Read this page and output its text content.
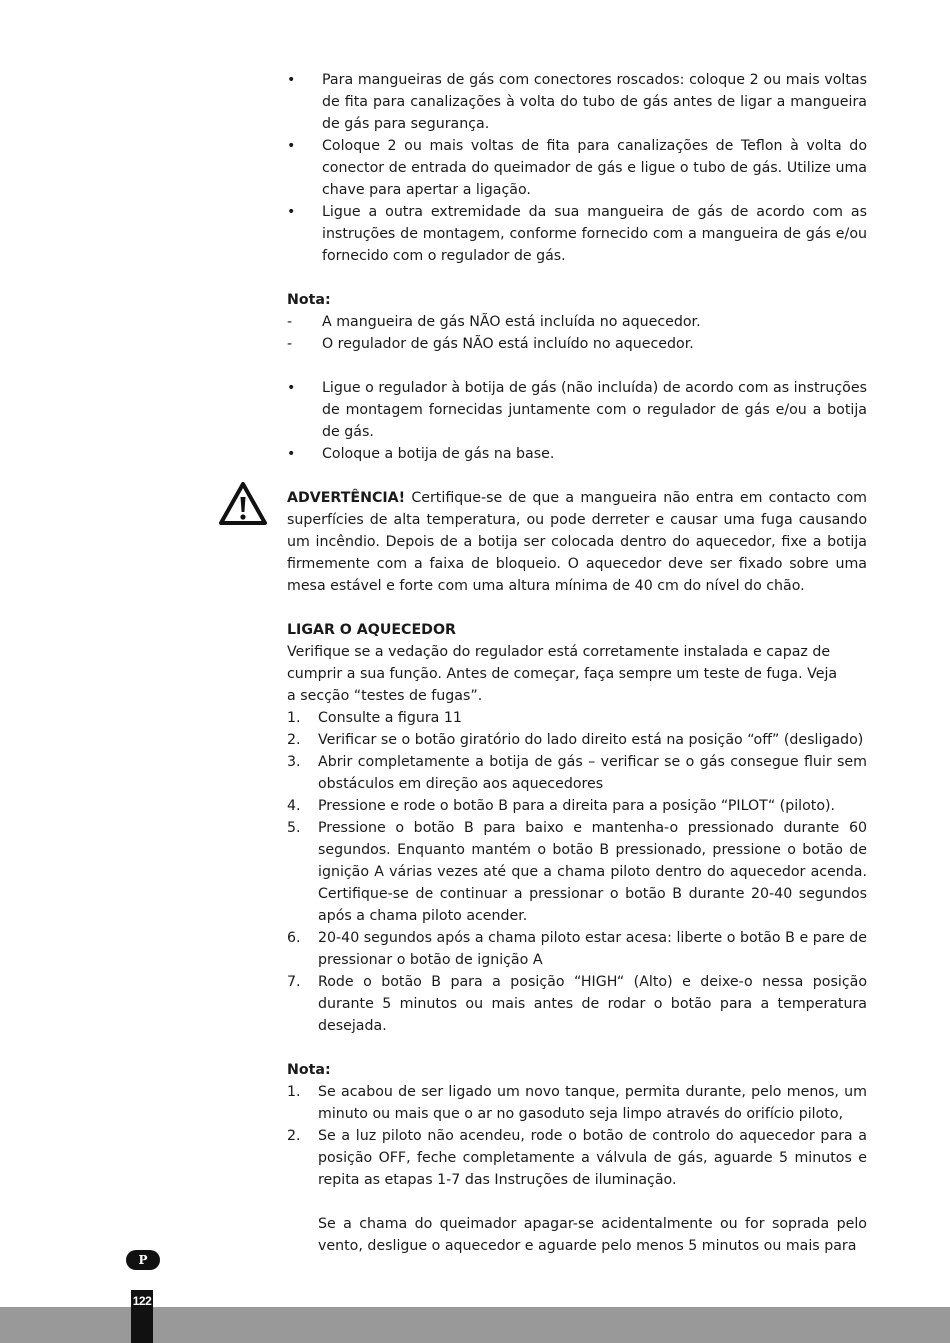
•	Para mangueiras de gás com conectores roscados: coloque 2 ou mais voltas de fita para canalizações à volta do tubo de gás antes de ligar a mangueira de gás para segurança.
•	Coloque 2 ou mais voltas de fita para canalizações de Teflon à volta do conector de entrada do queimador de gás e ligue o tubo de gás. Utilize uma chave para apertar a ligação.
•	Ligue a outra extremidade da sua mangueira de gás de acordo com as instruções de montagem, conforme fornecido com a mangueira de gás e/ou fornecido com o regulador de gás.
Nota:
-	A mangueira de gás NÃO está incluída no aquecedor.
-	O regulador de gás NÃO está incluído no aquecedor.
•	Ligue o regulador à botija de gás (não incluída) de acordo com as instruções de montagem fornecidas juntamente com o regulador de gás e/ou a botija de gás.
•	Coloque a botija de gás na base.
ADVERTÊNCIA! Certifique-se de que a mangueira não entra em contacto com superfícies de alta temperatura, ou pode derreter e causar uma fuga causando um incêndio. Depois de a botija ser colocada dentro do aquecedor, fixe a botija firmemente com a faixa de bloqueio. O aquecedor deve ser fixado sobre uma mesa estável e forte com uma altura mínima de 40 cm do nível do chão.
LIGAR O AQUECEDOR
Verifique se a vedação do regulador está corretamente instalada e capaz de
cumprir a sua função. Antes de começar, faça sempre um teste de fuga. Veja
a secção “testes de fugas”.
1.	Consulte a figura 11
2.	Verificar se o botão giratório do lado direito está na posição “off” (desligado)
3.	Abrir completamente a botija de gás – verificar se o gás consegue fluir sem obstáculos em direção aos aquecedores
4.	Pressione e rode o botão B para a direita para a posição “PILOT“ (piloto).
5.	Pressione o botão B para baixo e mantenha-o pressionado durante 60 segundos. Enquanto mantém o botão B pressionado, pressione o botão de ignição A várias vezes até que a chama piloto dentro do aquecedor acenda. Certifique-se de continuar a pressionar o botão B durante 20-40 segundos após a chama piloto acender.
6.	20-40 segundos após a chama piloto estar acesa: liberte o botão B e pare de pressionar o botão de ignição A
7.	Rode o botão B para a posição “HIGH“ (Alto) e deixe-o nessa posição durante 5 minutos ou mais antes de rodar o botão para a temperatura desejada.
Nota:
1.	Se acabou de ser ligado um novo tanque, permita durante, pelo menos, um minuto ou mais que o ar no gasoduto seja limpo através do orifício piloto,
2.	Se a luz piloto não acendeu, rode o botão de controlo do aquecedor para a posição OFF, feche completamente a válvula de gás, aguarde 5 minutos e repita as etapas 1-7 das Instruções de iluminação.
Se a chama do queimador apagar-se acidentalmente ou for soprada pelo vento, desligue o aquecedor e aguarde pelo menos 5 minutos ou mais para
P
122
